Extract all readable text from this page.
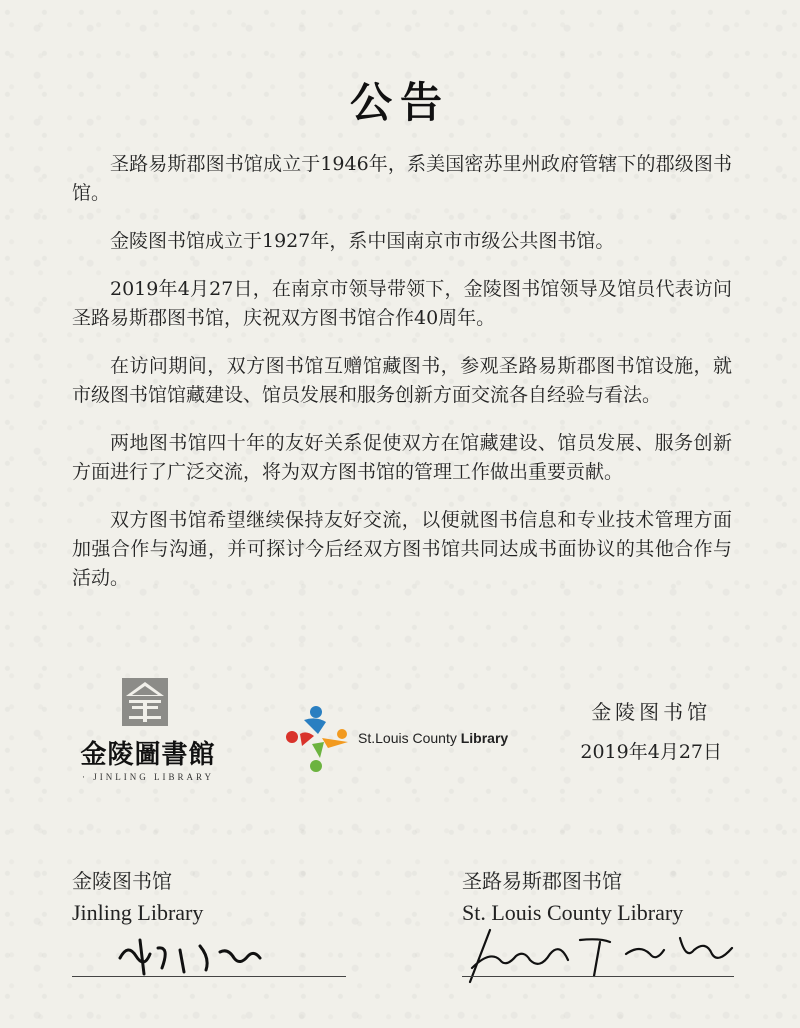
公告

圣路易斯郡图书馆成立于1946年，系美国密苏里州政府管辖下的郡级图书馆。

金陵图书馆成立于1927年，系中国南京市市级公共图书馆。

2019年4月27日，在南京市领导带领下，金陵图书馆领导及馆员代表访问圣路易斯郡图书馆，庆祝双方图书馆合作40周年。

在访问期间，双方图书馆互赠馆藏图书，参观圣路易斯郡图书馆设施，就市级图书馆馆藏建设、馆员发展和服务创新方面交流各自经验与看法。

两地图书馆四十年的友好关系促使双方在馆藏建设、馆员发展、服务创新方面进行了广泛交流，将为双方图书馆的管理工作做出重要贡献。

双方图书馆希望继续保持友好交流，以便就图书信息和专业技术管理方面加强合作与沟通，并可探讨今后经双方图书馆共同达成书面协议的其他合作与活动。

金陵圖書館
· JINLING LIBRARY
St.Louis County Library
金陵图书馆
2019年4月27日
金陵图书馆
Jinling Library
圣路易斯郡图书馆
St. Louis County Library
